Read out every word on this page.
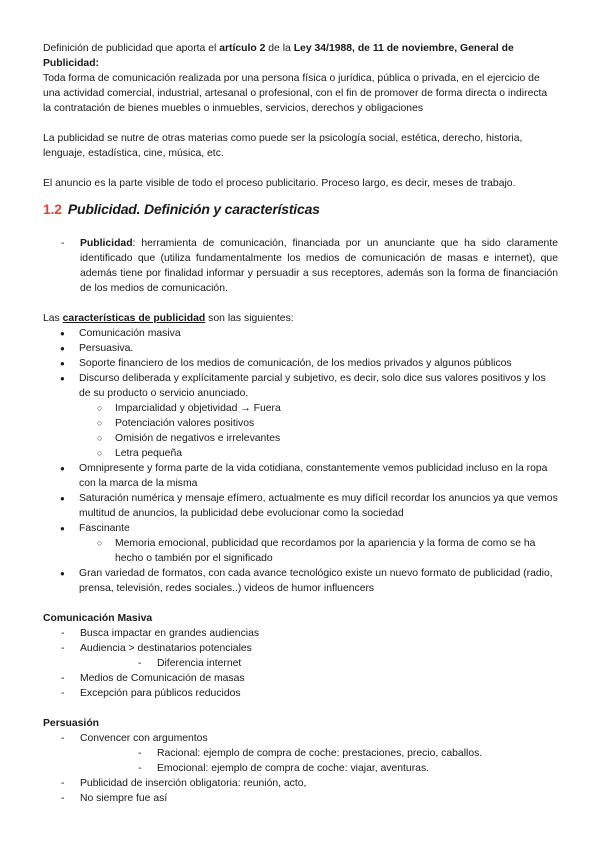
Definición de publicidad que aporta el artículo 2 de la Ley 34/1988, de 11 de noviembre, General de Publicidad:

Toda forma de comunicación realizada por una persona física o jurídica, pública o privada, en el ejercicio de una actividad comercial, industrial, artesanal o profesional, con el fin de promover de forma directa o indirecta la contratación de bienes muebles o inmuebles, servicios, derechos y obligaciones

La publicidad se nutre de otras materias como puede ser la psicología social, estética, derecho, historia, lenguaje, estadística, cine, música, etc.

El anuncio es la parte visible de todo el proceso publicitario. Proceso largo, es decir, meses de trabajo.

1.2 Publicidad. Definición y características
- Publicidad: herramienta de comunicación, financiada por un anunciante que ha sido claramente identificado que (utiliza fundamentalmente los medios de comunicación de masas e internet), que además tiene por finalidad informar y persuadir a sus receptores, además son la forma de financiación de los medios de comunicación.

Las características de publicidad son las siguientes:

● Comunicación masiva
● Persuasiva.
● Soporte financiero de los medios de comunicación, de los medios privados y algunos públicos
● Discurso deliberada y explícitamente parcial y subjetivo, es decir, solo dice sus valores positivos y los de su producto o servicio anunciado.
○ Imparcialidad y objetividad → Fuera
○ Potenciación valores positivos
○ Omisión de negativos e irrelevantes
○ Letra pequeña
● Omnipresente y forma parte de la vida cotidiana, constantemente vemos publicidad incluso en la ropa con la marca de la misma
● Saturación numérica y mensaje efímero, actualmente es muy difícil recordar los anuncios ya que vemos multitud de anuncios, la publicidad debe evolucionar como la sociedad
● Fascinante
○ Memoria emocional, publicidad que recordamos por la apariencia y la forma de como se ha hecho o también por el significado
● Gran variedad de formatos, con cada avance tecnológico existe un nuevo formato de publicidad (radio, prensa, televisión, redes sociales..) videos de humor influencers

Comunicación Masiva

- Busca impactar en grandes audiencias
- Audiencia > destinatarios potenciales
- Diferencia internet
- Medios de Comunicación de masas
- Excepción para públicos reducidos

Persuasión

- Convencer con argumentos
- Racional: ejemplo de compra de coche: prestaciones, precio, caballos.
- Emocional: ejemplo de compra de coche: viajar, aventuras.
- Publicidad de inserción obligatoria: reunión, acto,
- No siempre fue así
